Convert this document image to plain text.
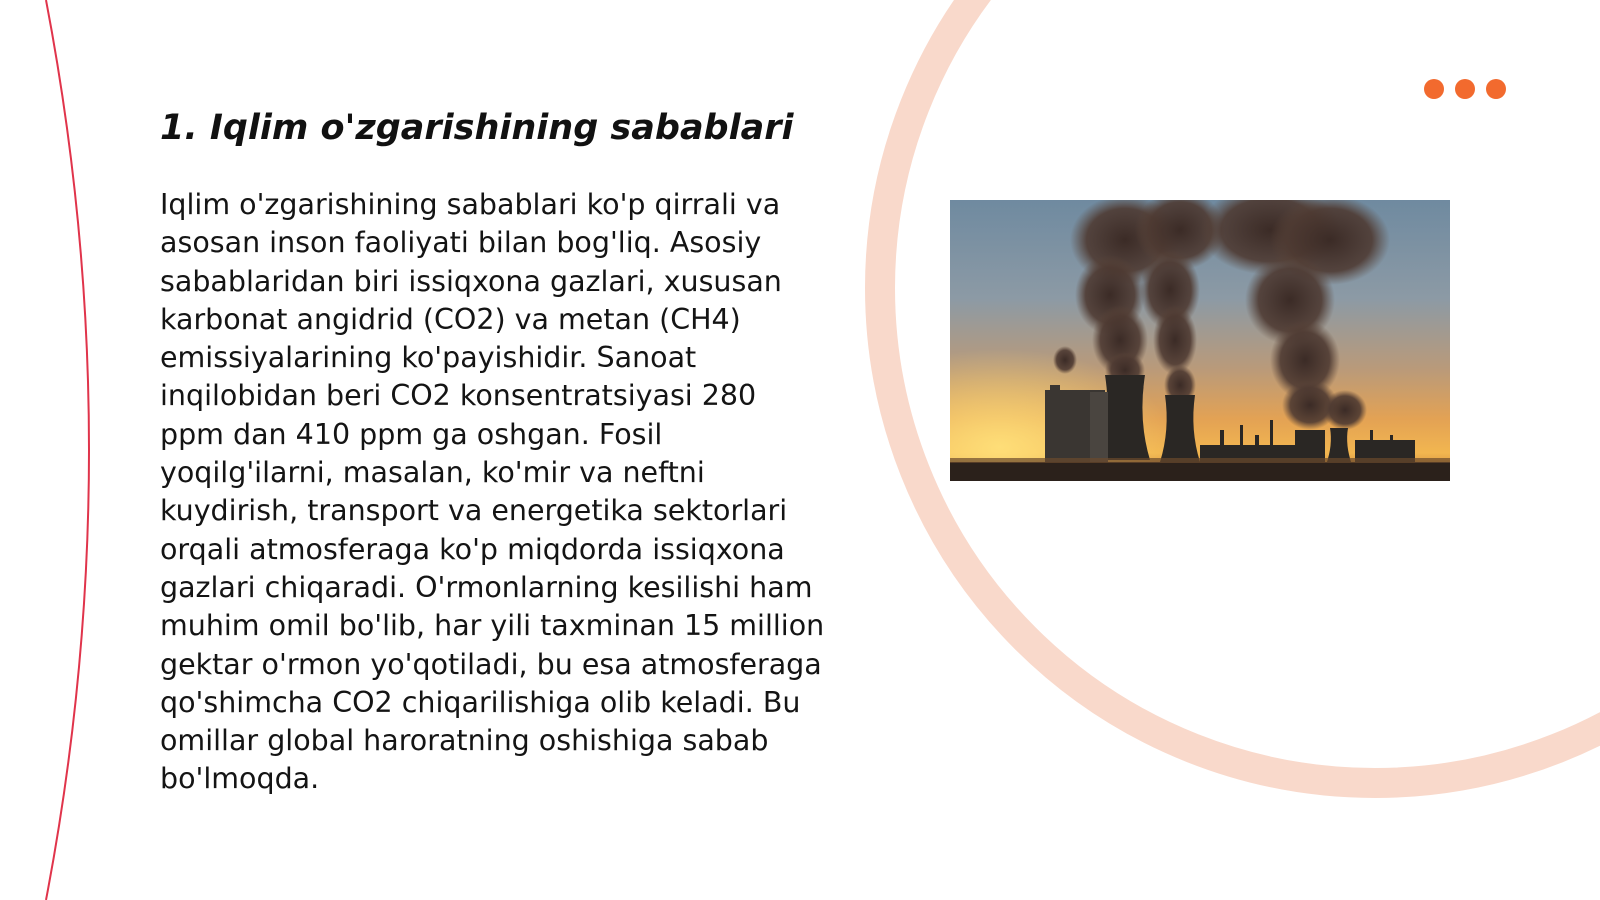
1. Iqlim o'zgarishining sabablari

Iqlim o'zgarishining sabablari ko'p qirrali va asosan inson faoliyati bilan bog'liq. Asosiy sabablaridan biri issiqxona gazlari, xususan karbonat angidrid (CO2) va metan (CH4) emissiyalarining ko'payishidir. Sanoat inqilobidan beri CO2 konsentratsiyasi 280 ppm dan 410 ppm ga oshgan. Fosil yoqilg'ilarni, masalan, ko'mir va neftni kuydirish, transport va energetika sektorlari orqali atmosferaga ko'p miqdorda issiqxona gazlari chiqaradi. O'rmonlarning kesilishi ham muhim omil bo'lib, har yili taxminan 15 million gektar o'rmon yo'qotiladi, bu esa atmosferaga qo'shimcha CO2 chiqarilishiga olib keladi. Bu omillar global haroratning oshishiga sabab bo'lmoqda.
